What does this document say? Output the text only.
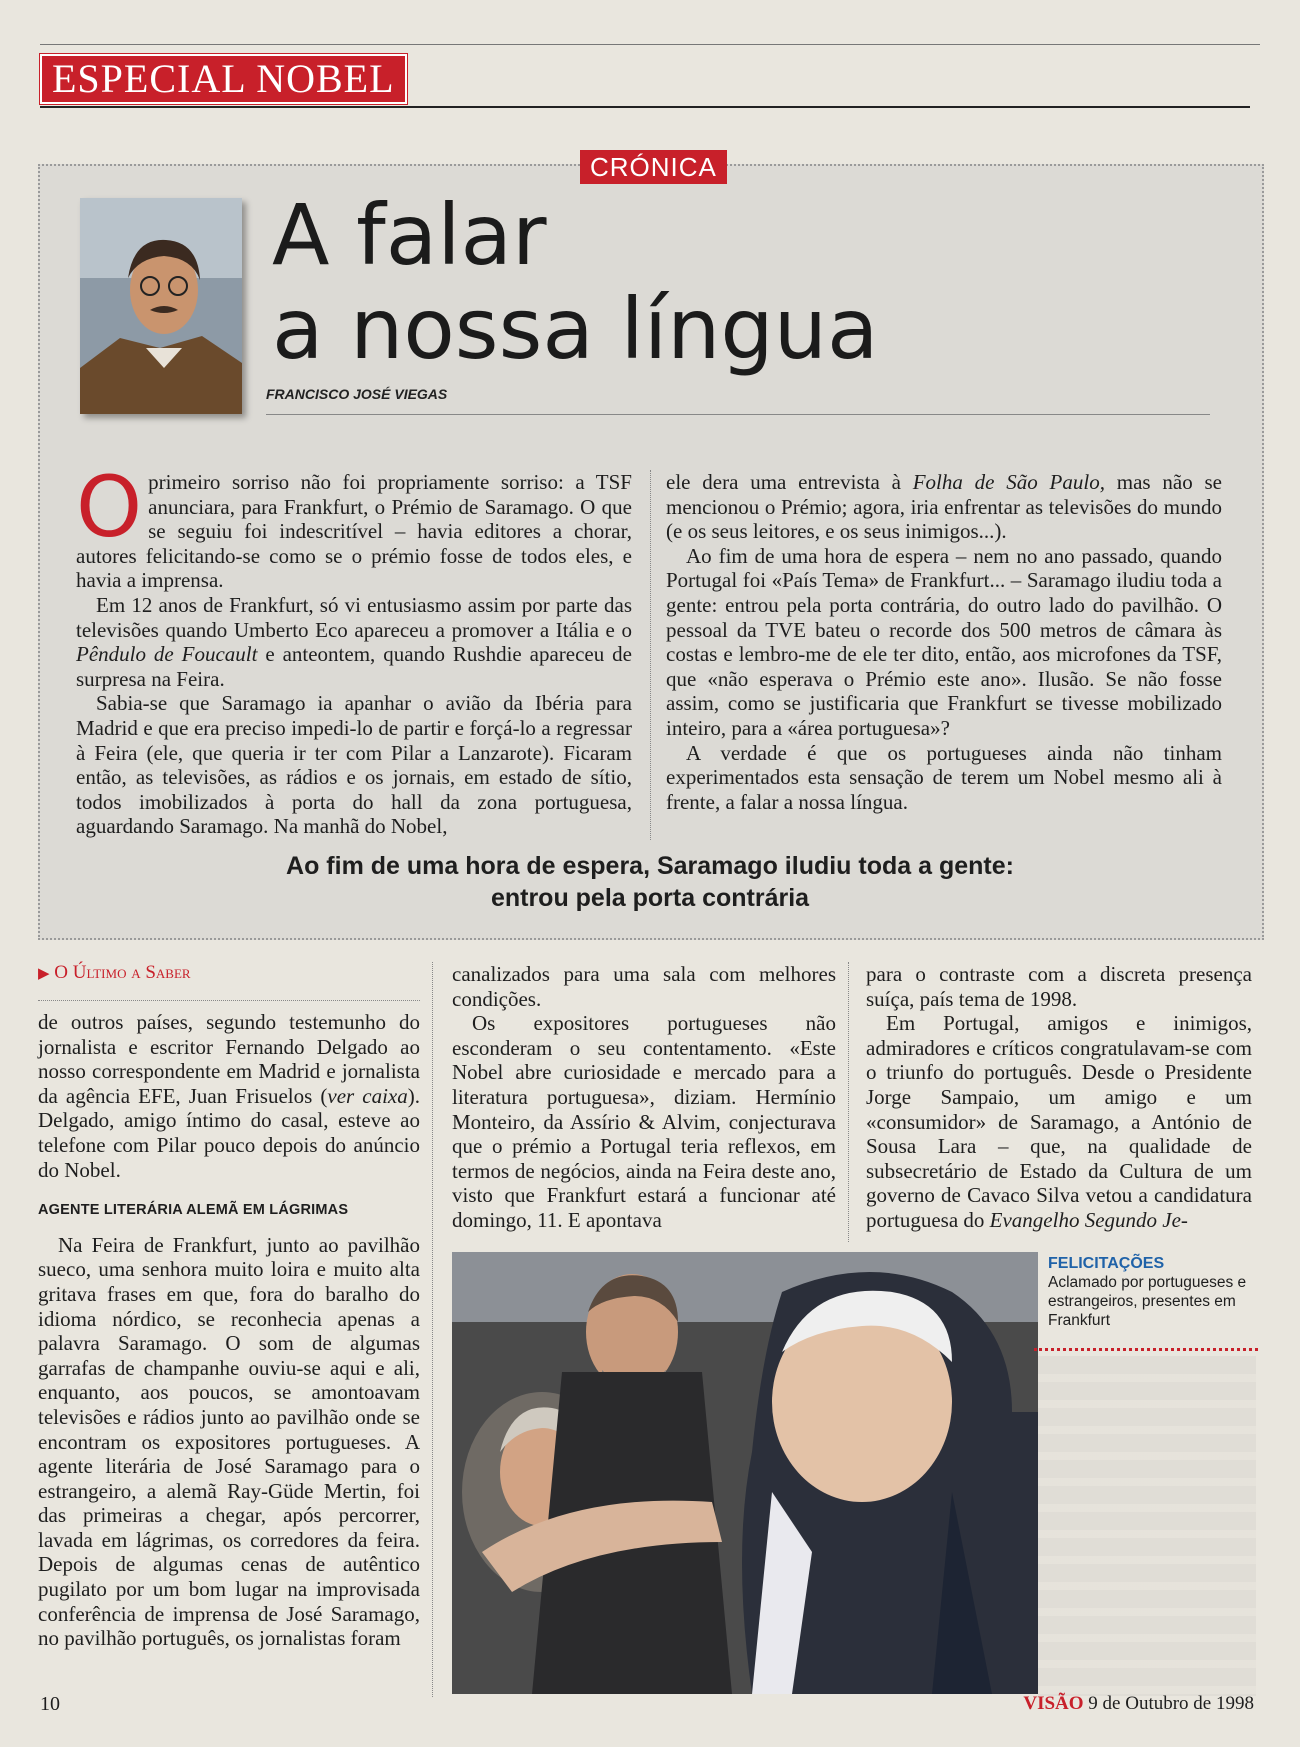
ESPECIAL NOBEL
CRÓNICA
A falar
a nossa língua
FRANCISCO JOSÉ VIEGAS

O primeiro sorriso não foi propriamente sorriso: a TSF anunciara, para Frankfurt, o Prémio de Saramago. O que se seguiu foi indescritível – havia editores a chorar, autores felicitando-se como se o prémio fosse de todos eles, e havia a imprensa.

Em 12 anos de Frankfurt, só vi entusiasmo assim por parte das televisões quando Umberto Eco apareceu a promover a Itália e o Pêndulo de Foucault e anteontem, quando Rushdie apareceu de surpresa na Feira.

Sabia-se que Saramago ia apanhar o avião da Ibéria para Madrid e que era preciso impedi-lo de partir e forçá-lo a regressar à Feira (ele, que queria ir ter com Pilar a Lanzarote). Ficaram então, as televisões, as rádios e os jornais, em estado de sítio, todos imobilizados à porta do hall da zona portuguesa, aguardando Saramago. Na manhã do Nobel,

ele dera uma entrevista à Folha de São Paulo, mas não se mencionou o Prémio; agora, iria enfrentar as televisões do mundo (e os seus leitores, e os seus inimigos...).

Ao fim de uma hora de espera – nem no ano passado, quando Portugal foi «País Tema» de Frankfurt... – Saramago iludiu toda a gente: entrou pela porta contrária, do outro lado do pavilhão. O pessoal da TVE bateu o recorde dos 500 metros de câmara às costas e lembro-me de ele ter dito, então, aos microfones da TSF, que «não esperava o Prémio este ano». Ilusão. Se não fosse assim, como se justificaria que Frankfurt se tivesse mobilizado inteiro, para a «área portuguesa»?

A verdade é que os portugueses ainda não tinham experimentados esta sensação de terem um Nobel mesmo ali à frente, a falar a nossa língua.

Ao fim de uma hora de espera, Saramago iludiu toda a gente:
entrou pela porta contrária
▶ O Último a Saber

de outros países, segundo testemunho do jornalista e escritor Fernando Delgado ao nosso correspondente em Madrid e jornalista da agência EFE, Juan Frisuelos (ver caixa). Delgado, amigo íntimo do casal, esteve ao telefone com Pilar pouco depois do anúncio do Nobel.

AGENTE LITERÁRIA ALEMÃ EM LÁGRIMAS

Na Feira de Frankfurt, junto ao pavilhão sueco, uma senhora muito loira e muito alta gritava frases em que, fora do baralho do idioma nórdico, se reconhecia apenas a palavra Saramago. O som de algumas garrafas de champanhe ouviu-se aqui e ali, enquanto, aos poucos, se amontoavam televisões e rádios junto ao pavilhão onde se encontram os expositores portugueses. A agente literária de José Saramago para o estrangeiro, a alemã Ray-Güde Mertin, foi das primeiras a chegar, após percorrer, lavada em lágrimas, os corredores da feira. Depois de algumas cenas de autêntico pugilato por um bom lugar na improvisada conferência de imprensa de José Saramago, no pavilhão português, os jornalistas foram

canalizados para uma sala com melhores condições.

Os expositores portugueses não esconderam o seu contentamento. «Este Nobel abre curiosidade e mercado para a literatura portuguesa», diziam. Hermínio Monteiro, da Assírio & Alvim, conjecturava que o prémio a Portugal teria reflexos, em termos de negócios, ainda na Feira deste ano, visto que Frankfurt estará a funcionar até domingo, 11. E apontava

para o contraste com a discreta presença suíça, país tema de 1998.

Em Portugal, amigos e inimigos, admiradores e críticos congratulavam-se com o triunfo do português. Desde o Presidente Jorge Sampaio, um amigo e um «consumidor» de Saramago, a António de Sousa Lara – que, na qualidade de subsecretário de Estado da Cultura de um governo de Cavaco Silva vetou a candidatura portuguesa do Evangelho Segundo Je-

FELICITAÇÕES
Aclamado por portugueses e estrangeiros, presentes em Frankfurt
10	VISÃO 9 de Outubro de 1998
